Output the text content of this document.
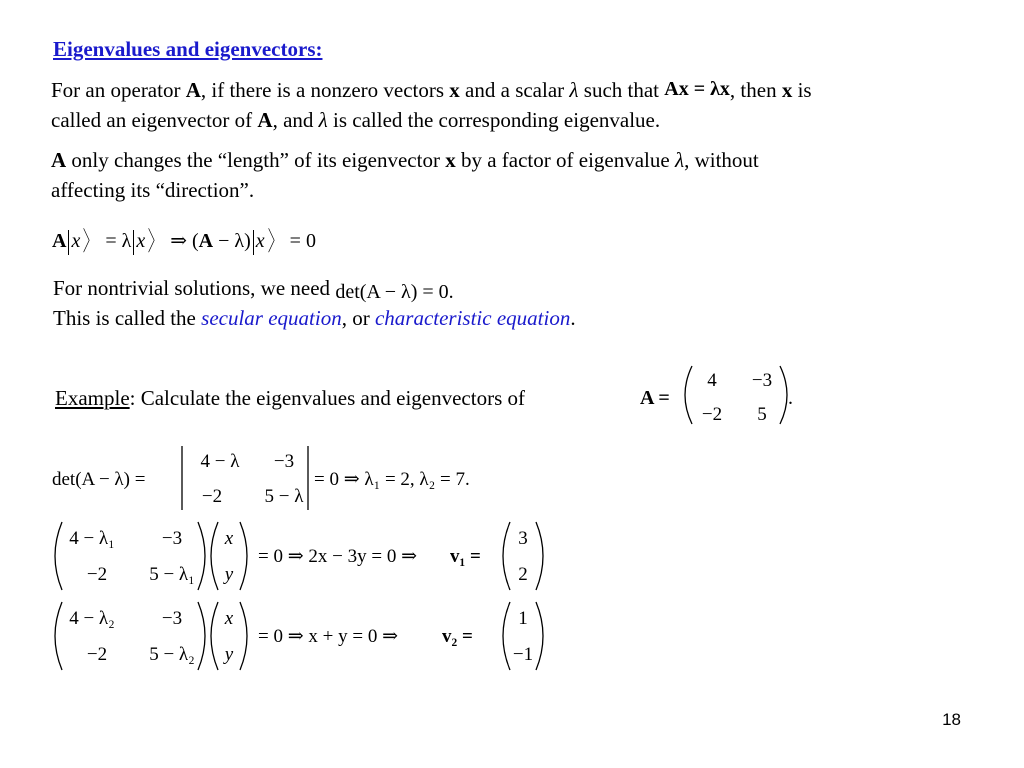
Eigenvalues and eigenvectors:
For an operator A, if there is a nonzero vectors x and a scalar λ such that Ax = λx, then x is
called an eigenvector of A, and λ is called the corresponding eigenvalue.
A only changes the “length” of its eigenvector x by a factor of eigenvalue λ, without
affecting its “direction”.
A x 〉 = λ x 〉 ⇒ (A − λ) x 〉 = 0
For nontrivial solutions, we need det(A − λ) = 0.
This is called the secular equation, or characteristic equation.
Example: Calculate the eigenvalues and eigenvectors of	A =
4 −3
−2 5
.
det(A − λ) =
4 − λ −3
−2 5 − λ
= 0 ⇒ λ₁ = 2, λ₂ = 7.
4 − λ₁ −3
−2 5 − λ₁
x
y
= 0 ⇒ 2x − 3y = 0 ⇒ v₁ =
3
2
4 − λ₂ −3
−2 5 − λ₂
x
y
= 0 ⇒ x + y = 0 ⇒ v₂ =
1
−1
18
